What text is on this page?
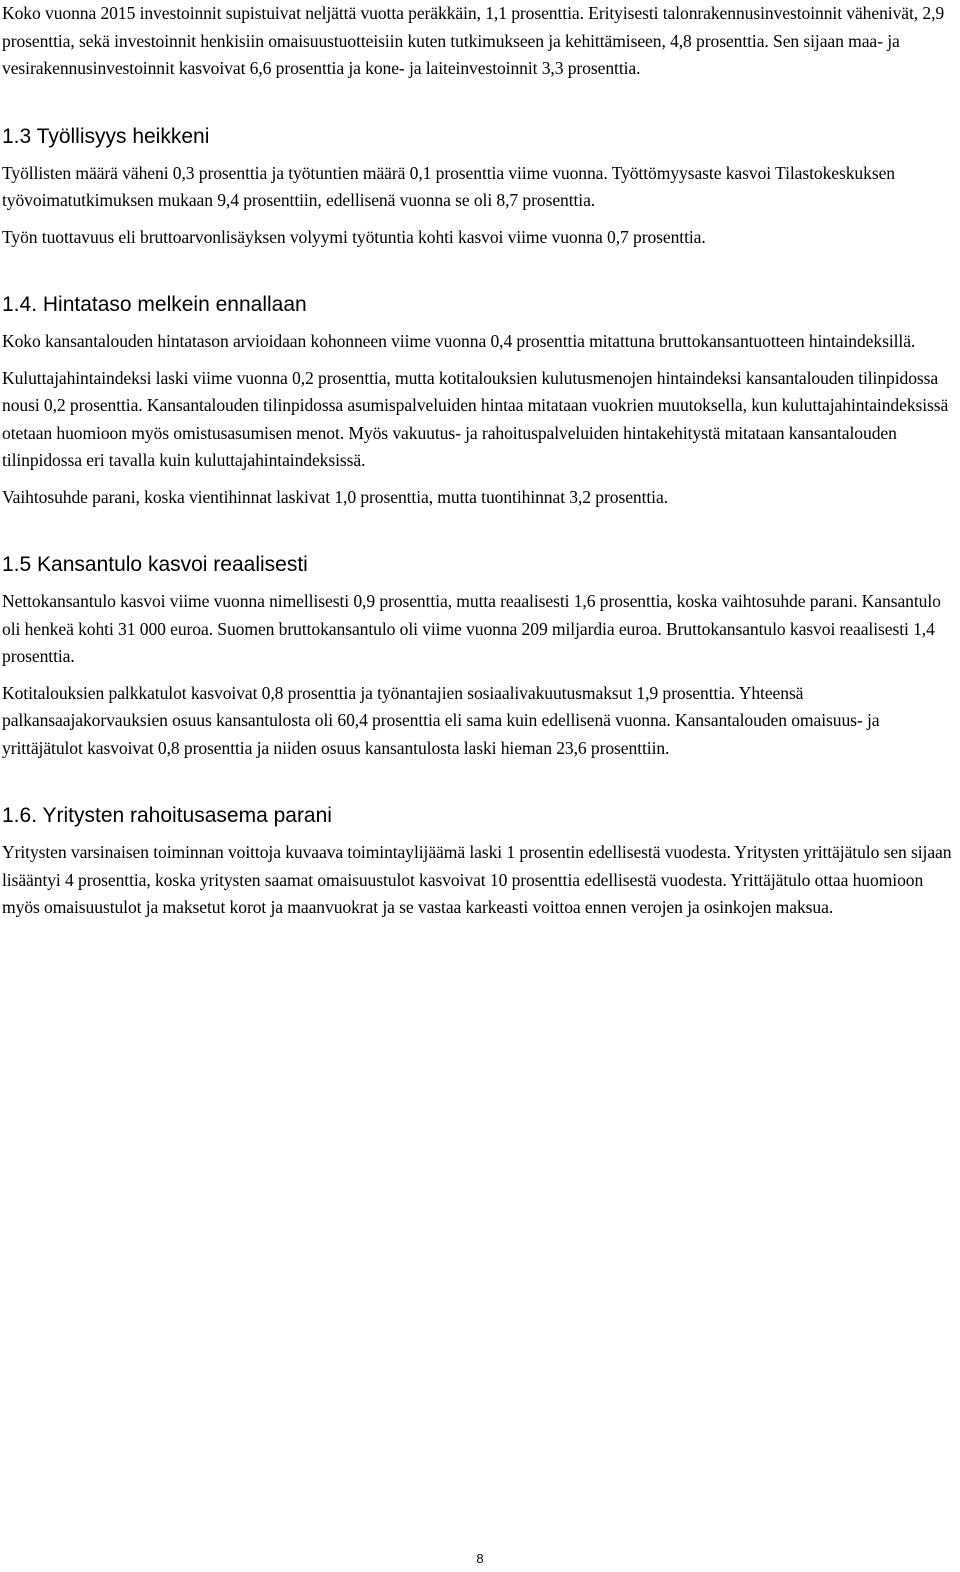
Koko vuonna 2015 investoinnit supistuivat neljättä vuotta peräkkäin, 1,1 prosenttia. Erityisesti talonrakennusinvestoinnit vähenivät, 2,9 prosenttia, sekä investoinnit henkisiin omaisuustuotteisiin kuten tutkimukseen ja kehittämiseen, 4,8 prosenttia. Sen sijaan maa- ja vesirakennusinvestoinnit kasvoivat 6,6 prosenttia ja kone- ja laiteinvestoinnit 3,3 prosenttia.

1.3 Työllisyys heikkeni

Työllisten määrä väheni 0,3 prosenttia ja työtuntien määrä 0,1 prosenttia viime vuonna. Työttömyysaste kasvoi Tilastokeskuksen työvoimatutkimuksen mukaan 9,4 prosenttiin, edellisenä vuonna se oli 8,7 prosenttia.

Työn tuottavuus eli bruttoarvonlisäyksen volyymi työtuntia kohti kasvoi viime vuonna 0,7 prosenttia.

1.4. Hintataso melkein ennallaan

Koko kansantalouden hintatason arvioidaan kohonneen viime vuonna 0,4 prosenttia mitattuna bruttokansantuotteen hintaindeksillä.

Kuluttajahintaindeksi laski viime vuonna 0,2 prosenttia, mutta kotitalouksien kulutusmenojen hintaindeksi kansantalouden tilinpidossa nousi 0,2 prosenttia. Kansantalouden tilinpidossa asumispalveluiden hintaa mitataan vuokrien muutoksella, kun kuluttajahintaindeksissä otetaan huomioon myös omistusasumisen menot. Myös vakuutus- ja rahoituspalveluiden hintakehitystä mitataan kansantalouden tilinpidossa eri tavalla kuin kuluttajahintaindeksissä.

Vaihtosuhde parani, koska vientihinnat laskivat 1,0 prosenttia, mutta tuontihinnat 3,2 prosenttia.

1.5 Kansantulo kasvoi reaalisesti

Nettokansantulo kasvoi viime vuonna nimellisesti 0,9 prosenttia, mutta reaalisesti 1,6 prosenttia, koska vaihtosuhde parani. Kansantulo oli henkeä kohti 31 000 euroa. Suomen bruttokansantulo oli viime vuonna 209 miljardia euroa. Bruttokansantulo kasvoi reaalisesti 1,4 prosenttia.

Kotitalouksien palkkatulot kasvoivat 0,8 prosenttia ja työnantajien sosiaalivakuutusmaksut 1,9 prosenttia. Yhteensä palkansaajakorvauksien osuus kansantulosta oli 60,4 prosenttia eli sama kuin edellisenä vuonna. Kansantalouden omaisuus- ja yrittäjätulot kasvoivat 0,8 prosenttia ja niiden osuus kansantulosta laski hieman 23,6 prosenttiin.

1.6. Yritysten rahoitusasema parani

Yritysten varsinaisen toiminnan voittoja kuvaava toimintaylijäämä laski 1 prosentin edellisestä vuodesta. Yritysten yrittäjätulo sen sijaan lisääntyi 4 prosenttia, koska yritysten saamat omaisuustulot kasvoivat 10 prosenttia edellisestä vuodesta. Yrittäjätulo ottaa huomioon myös omaisuustulot ja maksetut korot ja maanvuokrat ja se vastaa karkeasti voittoa ennen verojen ja osinkojen maksua.

8
